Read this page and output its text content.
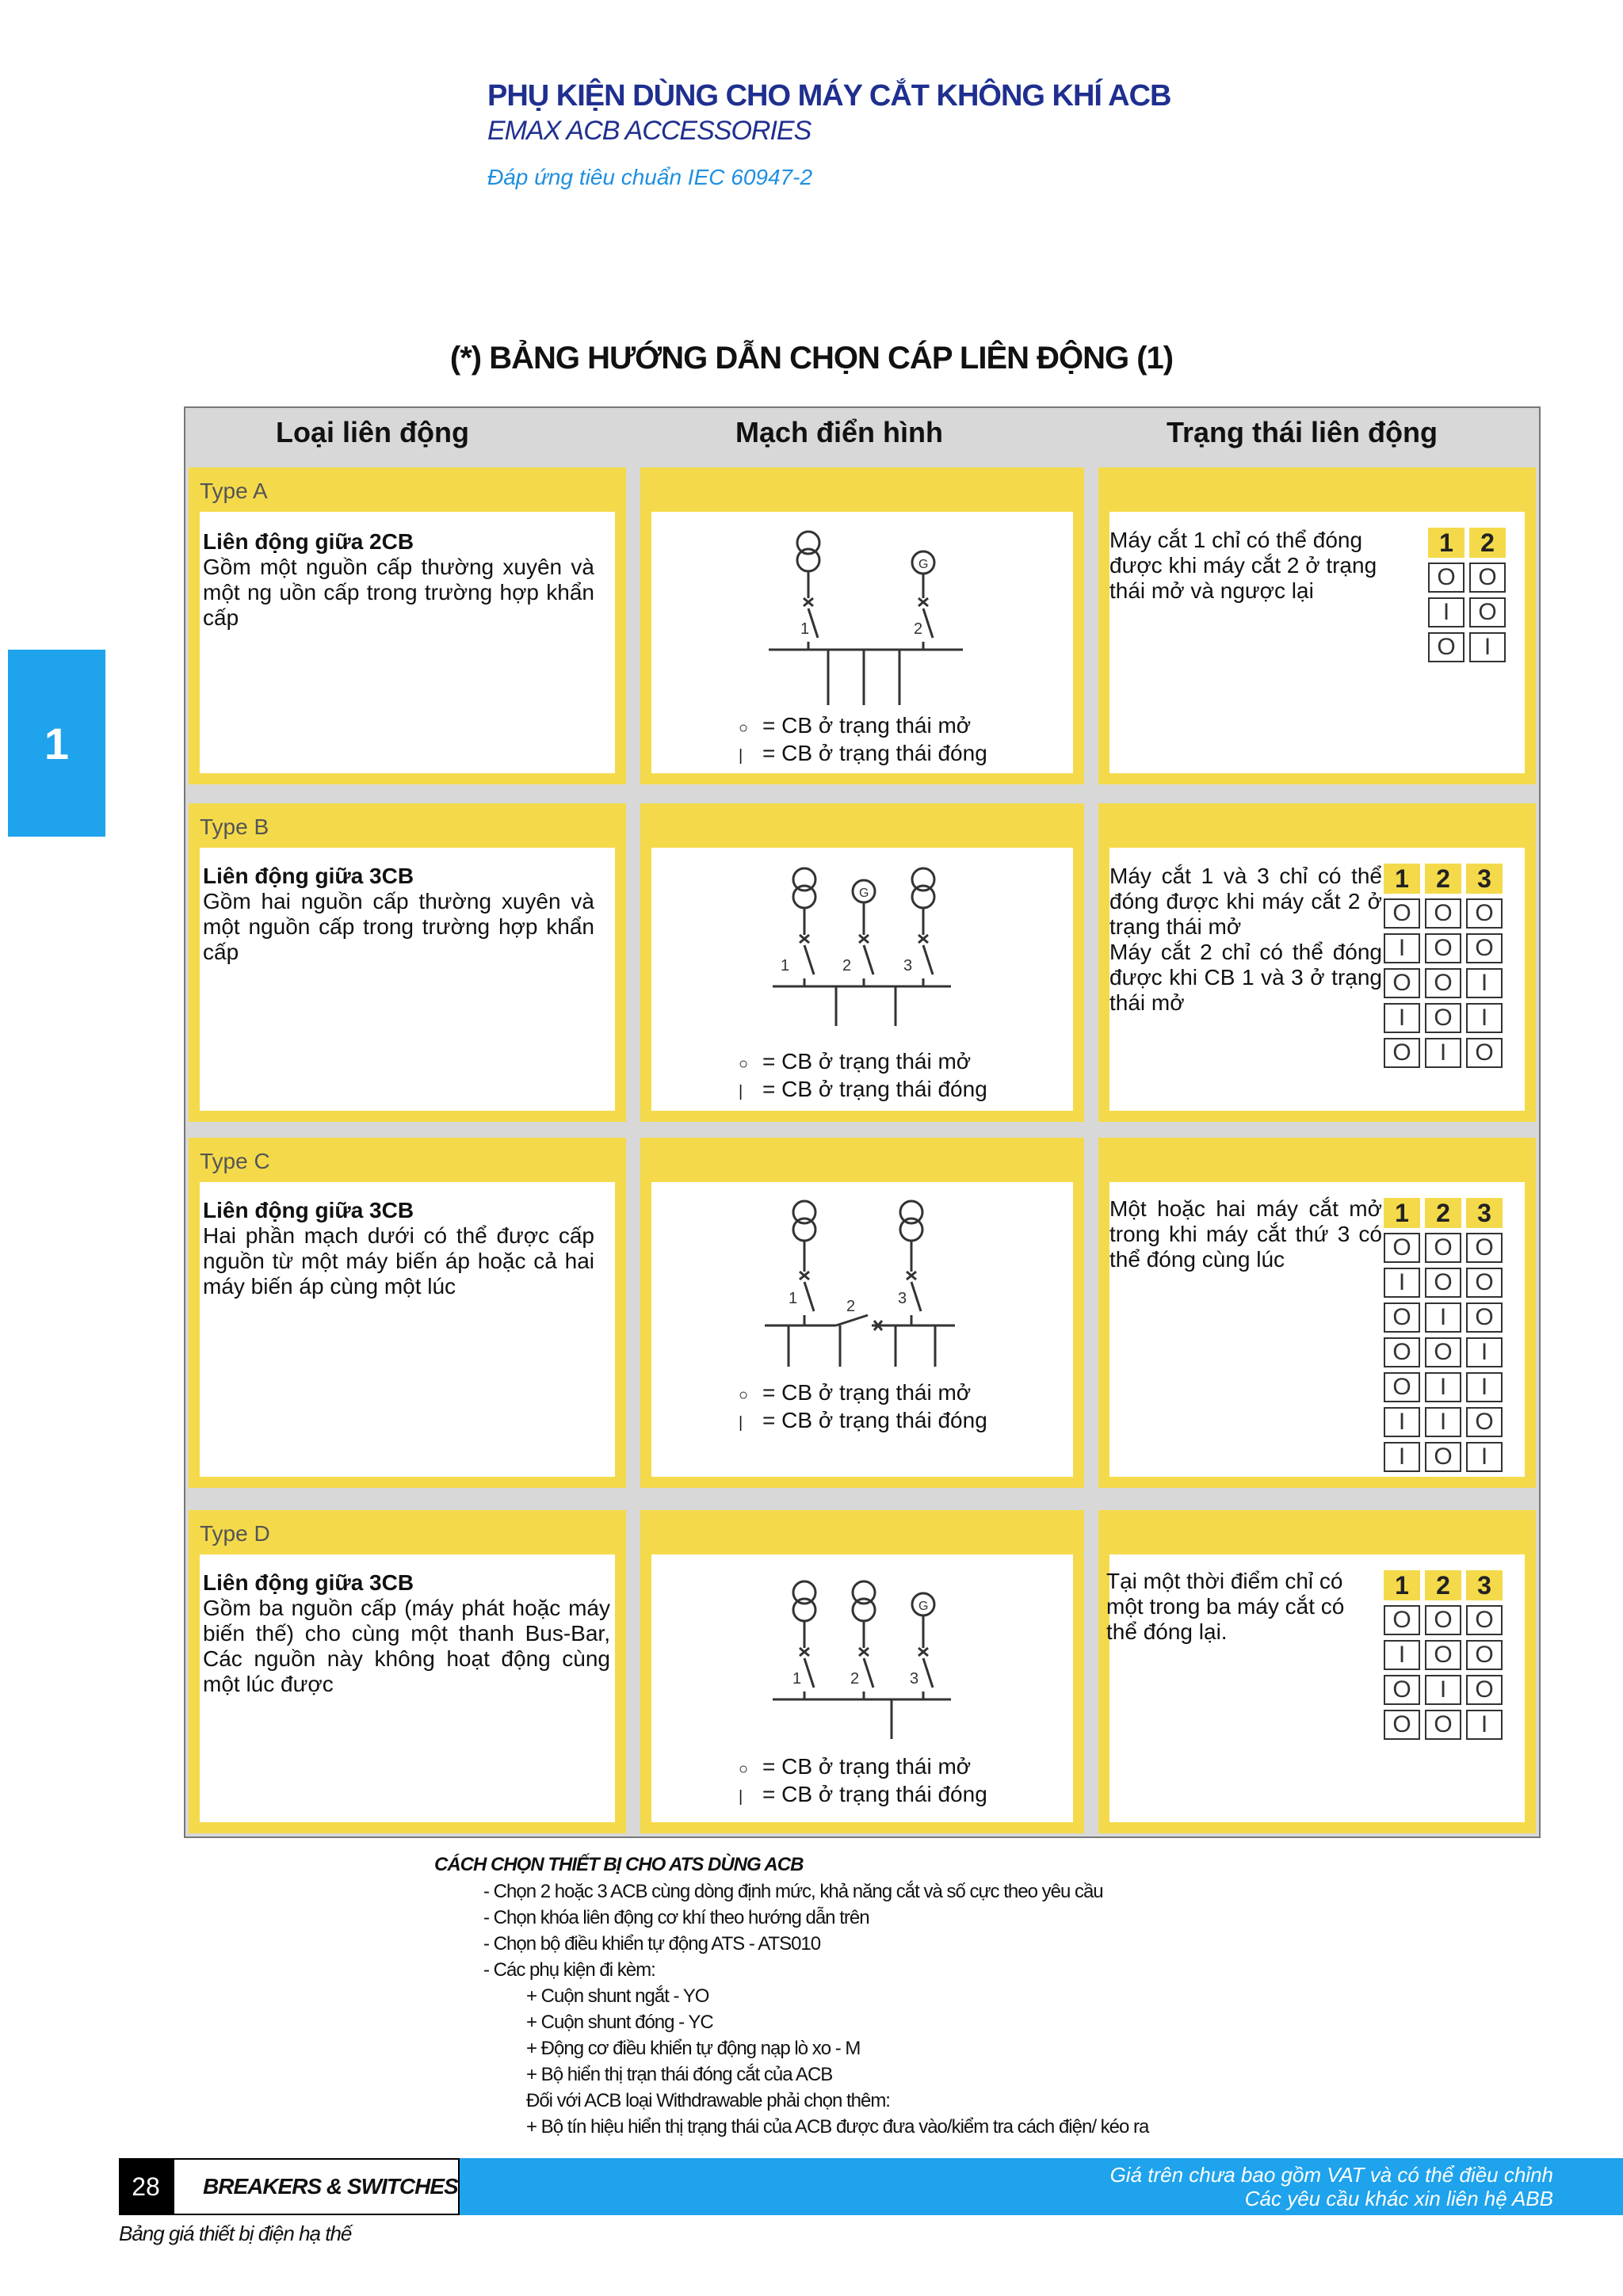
PHỤ KIỆN DÙNG CHO MÁY CẮT KHÔNG KHÍ ACB
EMAX ACB ACCESSORIES
Đáp ứng tiêu chuẩn IEC 60947-2
1
(*) BẢNG HƯỚNG DẪN CHỌN CÁP LIÊN ĐỘNG (1)
Loại liên động	Mạch điển hình	Trạng thái liên động
Type A
Liên động giữa 2CB
Gồm một nguồn cấp thường xuyên và một ng uồn cấp trong trường hợp khẩn cấp	1	2
G
○ = CB ở trạng thái mở
| = CB ở trạng thái đóng
Máy cắt 1 chỉ có thể đóng được khi máy cắt 2 ở trạng thái mở và ngược lại
1	2
O	O
I	O
O	I
Type B
Liên động giữa 3CB
Gồm hai nguồn cấp thường xuyên và một nguồn cấp trong trường hợp khẩn cấp
1	2	3
G
○ = CB ở trạng thái mở
| = CB ở trạng thái đóng
Máy cắt 1 và 3 chỉ có thể đóng được khi máy cắt 2 ở trạng thái mở
Máy cắt 2 chỉ có thể đóng được khi CB 1 và 3 ở trạng thái mở
1	2	3
O	O	O
I	O	O
O	O	I
I	O	I
O	I	O
Type C
Liên động giữa 3CB
Hai phần mạch dưới có thể được cấp nguồn từ một máy biến áp hoặc cả hai máy biến áp cùng một lúc	1	2	3
○ = CB ở trạng thái mở
| = CB ở trạng thái đóng
Một hoặc hai máy cắt mở trong khi máy cắt thứ 3 có thể đóng cùng lúc
1	2	3
O	O	O
I	O	O
O	I	O
O	O	I
O	I	I
I	I	O
I	O	I
Type D
Liên động giữa 3CB
Gồm ba nguồn cấp (máy phát hoặc máy biến thế) cho cùng một thanh Bus-Bar, Các nguồn này không hoạt động cùng một lúc được	1	2	3
G
○ = CB ở trạng thái mở
| = CB ở trạng thái đóng
Tại một thời điểm chỉ có một trong ba máy cắt có thể đóng lại.
1	2	3
O	O	O
I	O	O
O	I	O
O	O	I
CÁCH CHỌN THIẾT BỊ CHO ATS DÙNG ACB
- Chọn 2 hoặc 3 ACB cùng dòng định mức, khả năng cắt và số cực theo yêu cầu
- Chọn khóa liên động cơ khí theo hướng dẫn trên
- Chọn bộ điều khiển tự động ATS - ATS010
- Các phụ kiện đi kèm:
+ Cuộn shunt ngắt - YO
+ Cuộn shunt đóng - YC
+ Động cơ điều khiển tự động nạp lò xo - M
+ Bộ hiển thị trạn thái đóng cắt của ACB
Đối với ACB loại Withdrawable phải chọn thêm:
+ Bộ tín hiệu hiển thị trạng thái của ACB được đưa vào/kiểm tra cách điện/ kéo ra
28	BREAKERS & SWITCHES	Giá trên chưa bao gồm VAT và có thể điều chỉnh
Các yêu cầu khác xin liên hệ ABB
Bảng giá thiết bị điện hạ thế
